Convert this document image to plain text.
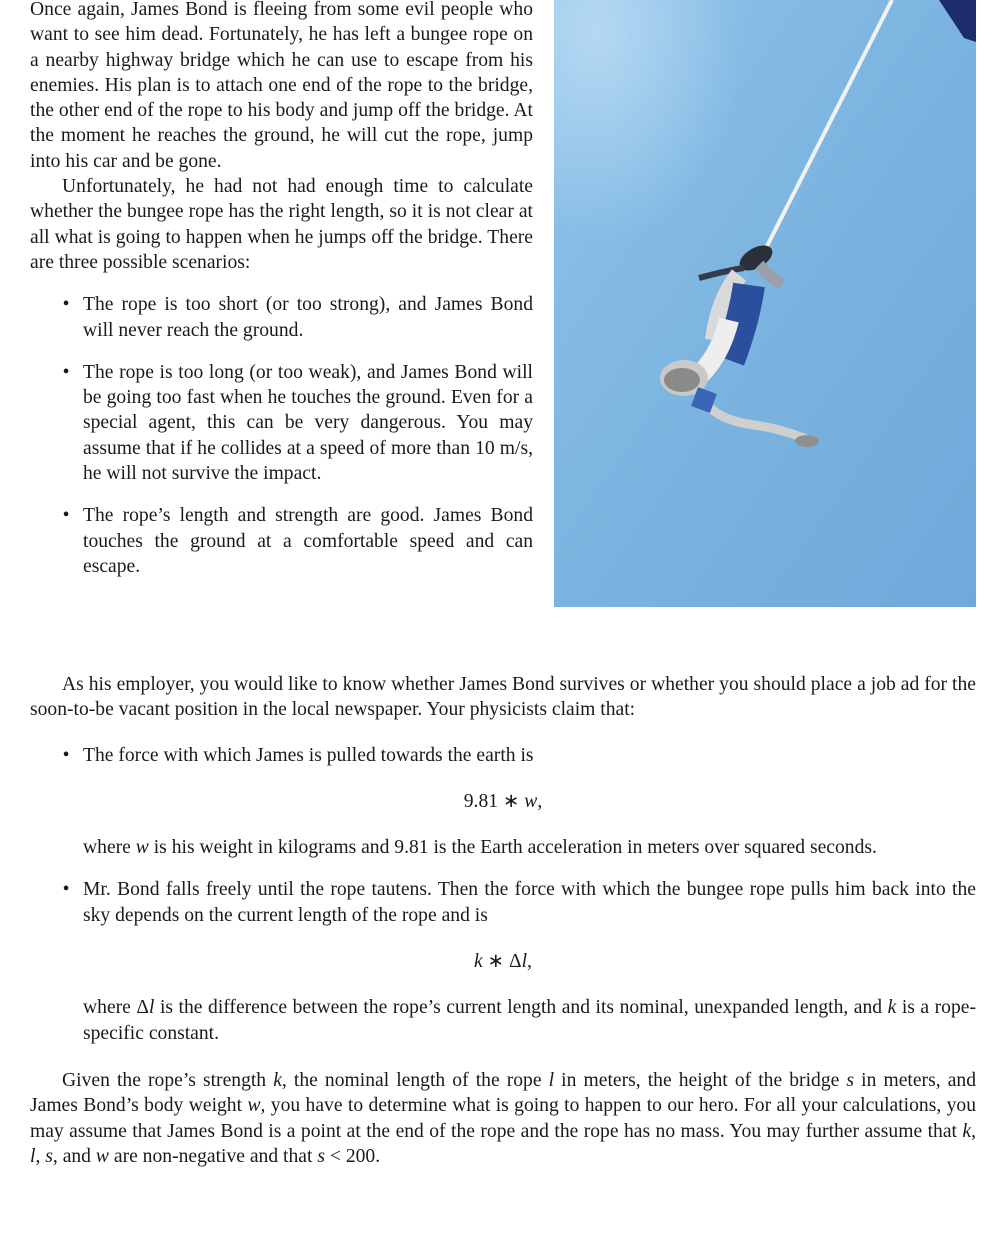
Once again, James Bond is fleeing from some evil people who want to see him dead. Fortunately, he has left a bungee rope on a nearby highway bridge which he can use to escape from his enemies. His plan is to attach one end of the rope to the bridge, the other end of the rope to his body and jump off the bridge. At the moment he reaches the ground, he will cut the rope, jump into his car and be gone.

Unfortunately, he had not had enough time to calculate whether the bungee rope has the right length, so it is not clear at all what is going to happen when he jumps off the bridge. There are three possible scenarios:

• The rope is too short (or too strong), and James Bond will never reach the ground.
• The rope is too long (or too weak), and James Bond will be going too fast when he touches the ground. Even for a special agent, this can be very dangerous. You may assume that if he collides at a speed of more than 10 m/s, he will not survive the impact.
• The rope’s length and strength are good. James Bond touches the ground at a comfortable speed and can escape.

As his employer, you would like to know whether James Bond survives or whether you should place a job ad for the soon-to-be vacant position in the local newspaper. Your physicists claim that:

• The force with which James is pulled towards the earth is
9.81 ∗ w,

where w is his weight in kilograms and 9.81 is the Earth acceleration in meters over squared seconds.

• Mr. Bond falls freely until the rope tautens. Then the force with which the bungee rope pulls him back into the sky depends on the current length of the rope and is
k ∗ Δl,

where Δl is the difference between the rope’s current length and its nominal, unexpanded length, and k is a rope-specific constant.

Given the rope’s strength k, the nominal length of the rope l in meters, the height of the bridge s in meters, and James Bond’s body weight w, you have to determine what is going to happen to our hero. For all your calculations, you may assume that James Bond is a point at the end of the rope and the rope has no mass. You may further assume that k, l, s, and w are non-negative and that s < 200.
